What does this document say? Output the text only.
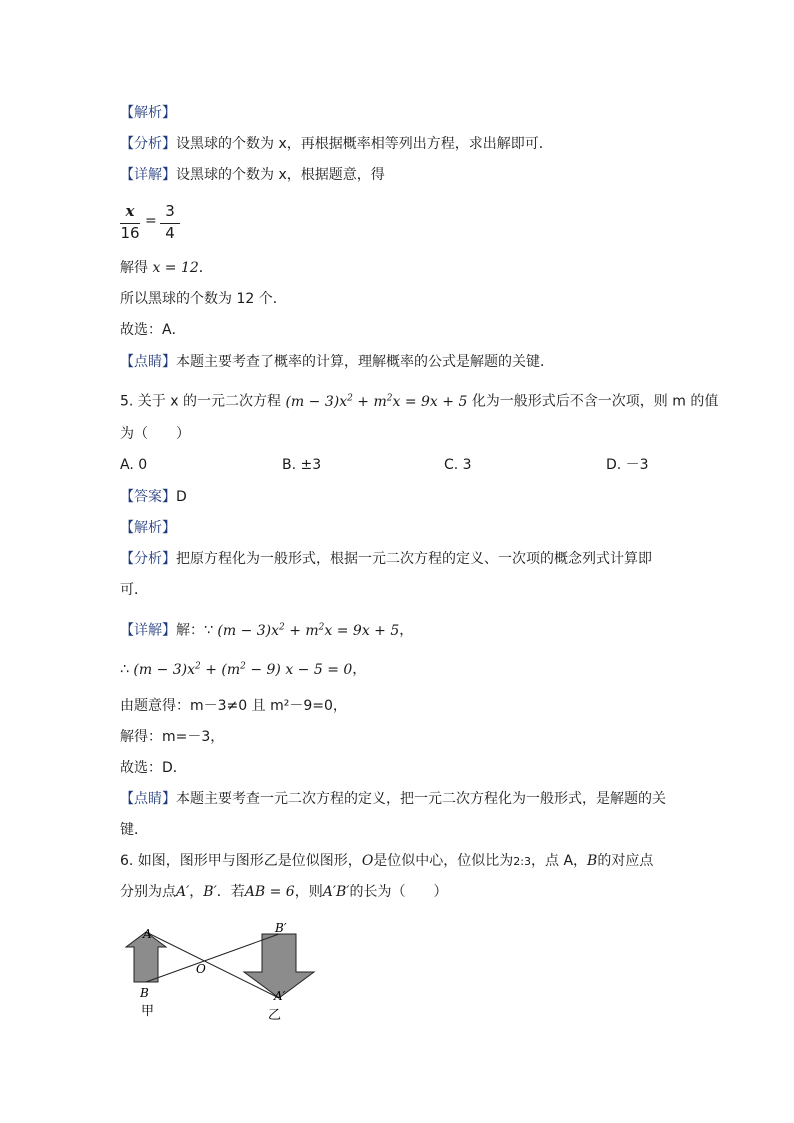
【解析】
【分析】设黑球的个数为 x，再根据概率相等列出方程，求出解即可．
【详解】设黑球的个数为 x，根据题意，得
x
16
=
3
4
解得 x = 12．
所以黑球的个数为 12 个．
故选：A．
【点睛】本题主要考查了概率的计算，理解概率的公式是解题的关键．
5. 关于 x 的一元二次方程 $(m - 3)x^2 + m^2x = 9x + 5$ 化为一般形式后不含一次项，则 m 的值
为（　　）
A. 0	B. ±3	C. 3	D. －3
【答案】D
【解析】
【分析】把原方程化为一般形式，根据一元二次方程的定义、一次项的概念列式计算即
可．
【详解】解：∵ $(m - 3)x^2 + m^2x = 9x + 5$，
∴ $(m - 3)x^2 + (m^2 - 9)$ x − 5 = 0，
由题意得：m－3≠0 且 m²－9=0，
解得：m=－3，
故选：D．
【点睛】本题主要考查一元二次方程的定义，把一元二次方程化为一般形式，是解题的关
键．
6. 如图，图形甲与图形乙是位似图形，O是位似中心，位似比为2:3，点 A，B的对应点
分别为点A′，B′．若AB = 6，则A′B′的长为（　　）
A
B
O
B′
A′
甲	乙
